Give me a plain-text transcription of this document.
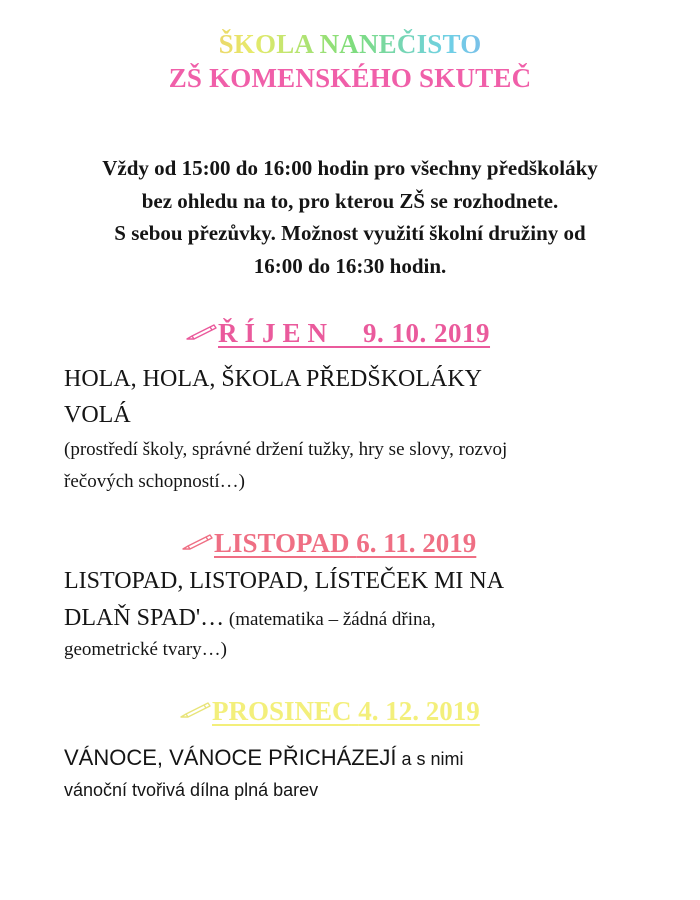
ŠKOLA NANEČISTO
ZŠ KOMENSKÉHO SKUTEČ
Vždy od 15:00 do 16:00 hodin pro všechny předškoláky
bez ohledu na to, pro kterou ZŠ se rozhodnete.
S sebou přezůvky. Možnost využití školní družiny od
16:00 do 16:30 hodin.
ŘÍJEN 9. 10. 2019
HOLA, HOLA, ŠKOLA PŘEDŠKOLÁKY
VOLÁ
(prostředí školy, správné držení tužky, hry se slovy, rozvoj
řečových schopností…)
LISTOPAD 6. 11. 2019
LISTOPAD, LISTOPAD, LÍSTEČEK MI NA
DLAŇ SPAD'… (matematika – žádná dřina,
geometrické tvary…)
PROSINEC 4. 12. 2019
VÁNOCE, VÁNOCE PŘICHÁZEJÍ a s nimi
vánoční tvořivá dílna plná barev
